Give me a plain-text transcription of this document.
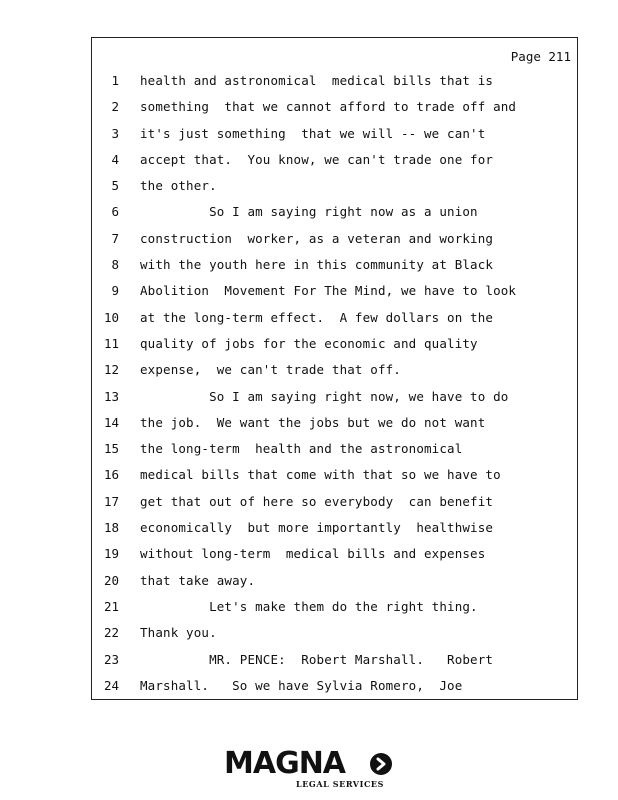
Page 211
1 health and astronomical  medical bills that is
2 something  that we cannot afford to trade off and
3 it's just something  that we will -- we can't
4 accept that.  You know, we can't trade one for
5 the other.
6 So I am saying right now as a union
7 construction  worker, as a veteran and working
8 with the youth here in this community at Black
9 Abolition  Movement For The Mind, we have to look
10 at the long-term effect.  A few dollars on the
11 quality of jobs for the economic and quality
12 expense,  we can't trade that off.
13 So I am saying right now, we have to do
14 the job.  We want the jobs but we do not want
15 the long-term  health and the astronomical
16 medical bills that come with that so we have to
17 get that out of here so everybody  can benefit
18 economically  but more importantly  healthwise
19 without long-term  medical bills and expenses
20 that take away.
21 Let's make them do the right thing.
22 Thank you.
23 MR. PENCE:  Robert Marshall.   Robert
24 Marshall.   So we have Sylvia Romero,  Joe
MAGNA
LEGAL SERVICES
